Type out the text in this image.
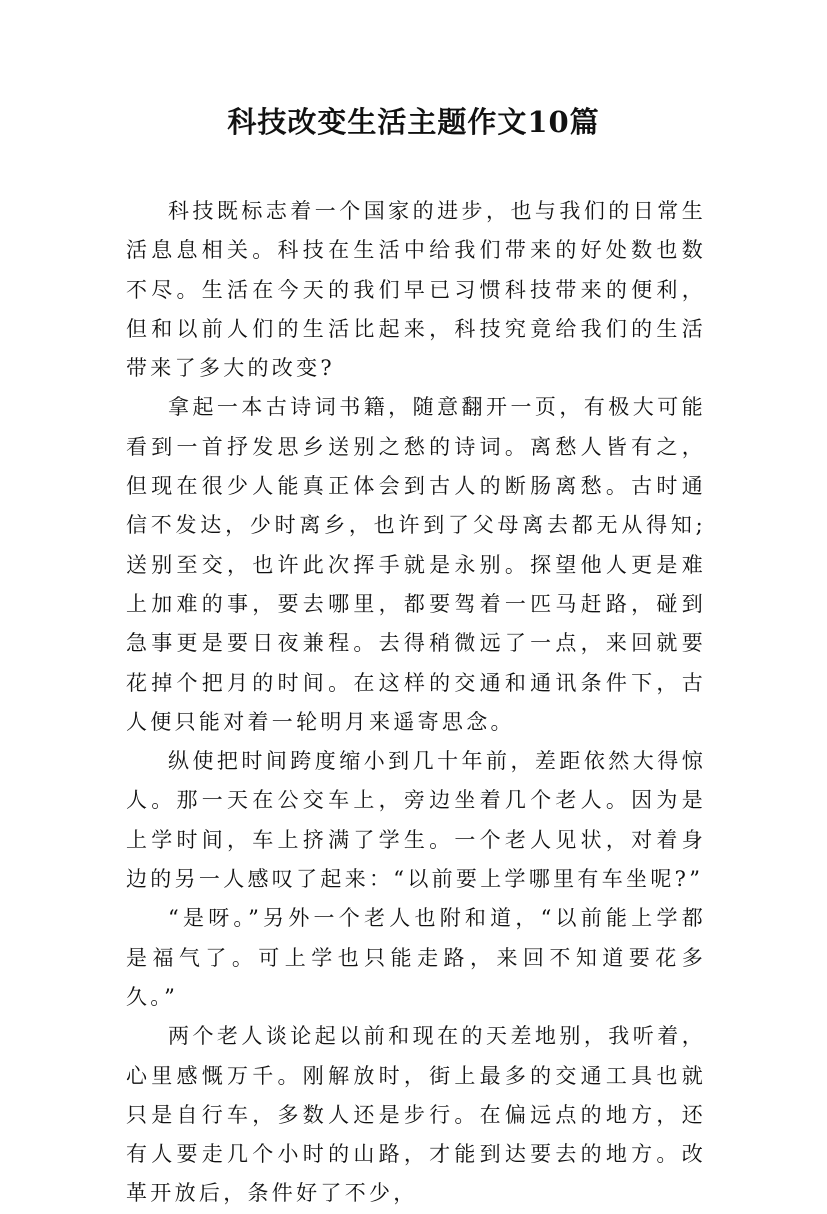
科技改变生活主题作文10篇

科技既标志着一个国家的进步，也与我们的日常生活息息相关。科技在生活中给我们带来的好处数也数不尽。生活在今天的我们早已习惯科技带来的便利，但和以前人们的生活比起来，科技究竟给我们的生活带来了多大的改变?

拿起一本古诗词书籍，随意翻开一页，有极大可能看到一首抒发思乡送别之愁的诗词。离愁人皆有之，但现在很少人能真正体会到古人的断肠离愁。古时通信不发达，少时离乡，也许到了父母离去都无从得知;送别至交，也许此次挥手就是永别。探望他人更是难上加难的事，要去哪里，都要驾着一匹马赶路，碰到急事更是要日夜兼程。去得稍微远了一点，来回就要花掉个把月的时间。在这样的交通和通讯条件下，古人便只能对着一轮明月来遥寄思念。

纵使把时间跨度缩小到几十年前，差距依然大得惊人。那一天在公交车上，旁边坐着几个老人。因为是上学时间，车上挤满了学生。一个老人见状，对着身边的另一人感叹了起来：“以前要上学哪里有车坐呢?”

“是呀。”另外一个老人也附和道，“以前能上学都是福气了。可上学也只能走路，来回不知道要花多久。”

两个老人谈论起以前和现在的天差地别，我听着，心里感慨万千。刚解放时，街上最多的交通工具也就只是自行车，多数人还是步行。在偏远点的地方，还有人要走几个小时的山路，才能到达要去的地方。改革开放后，条件好了不少，
